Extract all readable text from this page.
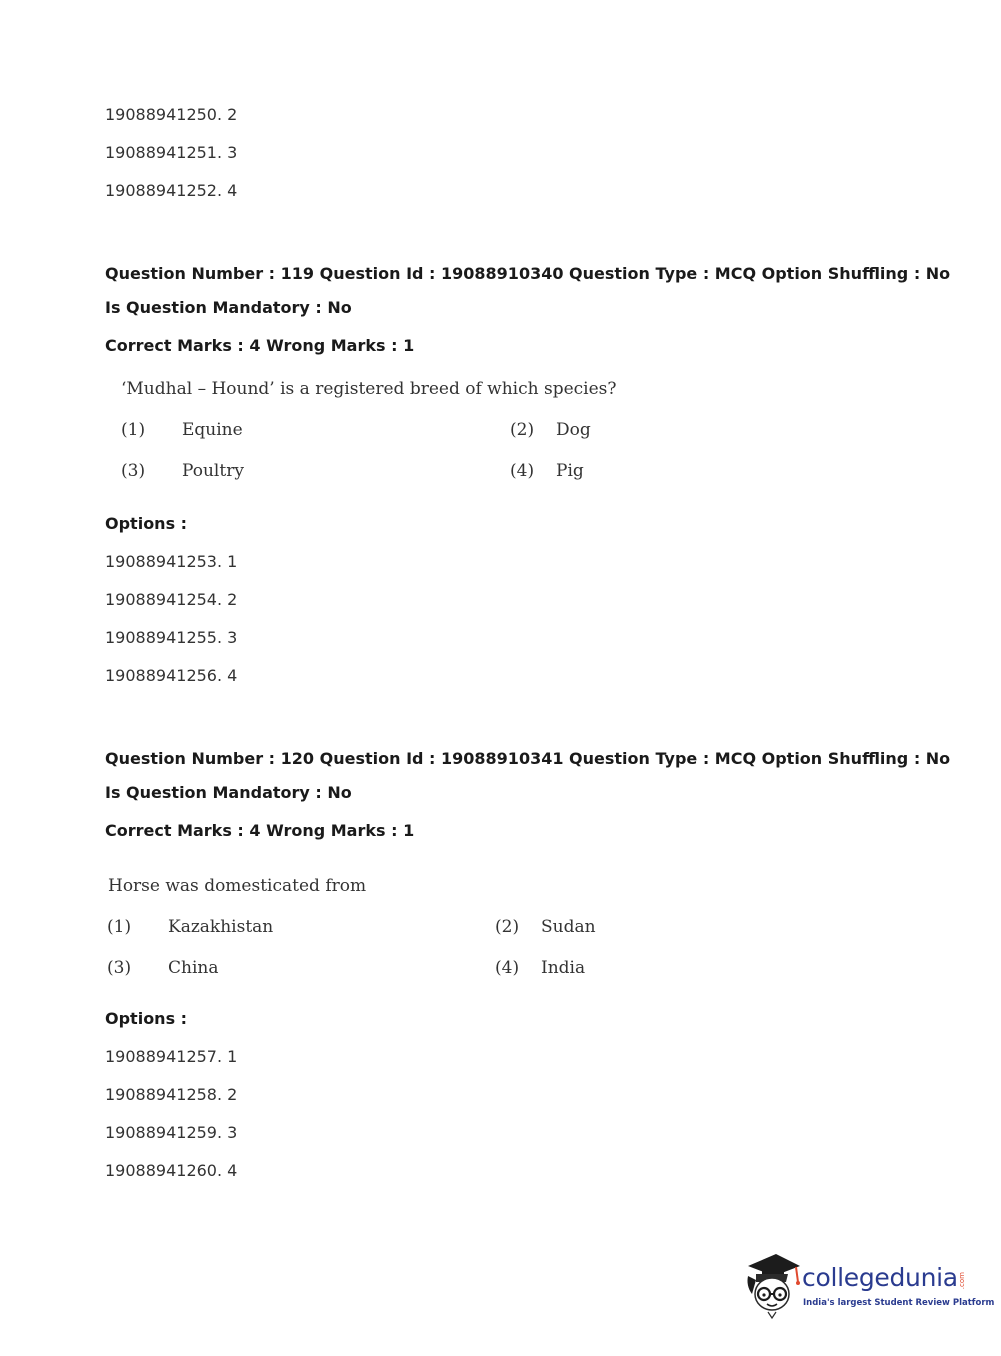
19088941250. 2
19088941251. 3
19088941252. 4
Question Number : 119 Question Id : 19088910340 Question Type : MCQ Option Shuffling : No
Is Question Mandatory : No
Correct Marks : 4 Wrong Marks : 1
‘Mudhal – Hound’ is a registered breed of which species?
(1) Equine	(2) Dog
(3) Poultry	(4) Pig
Options :
19088941253. 1
19088941254. 2
19088941255. 3
19088941256. 4
Question Number : 120 Question Id : 19088910341 Question Type : MCQ Option Shuffling : No
Is Question Mandatory : No
Correct Marks : 4 Wrong Marks : 1
Horse was domesticated from
(1) Kazakhistan	(2) Sudan
(3) China	(4) India
Options :
19088941257. 1
19088941258. 2
19088941259. 3
19088941260. 4
collegedunia .com
India's largest Student Review Platform
